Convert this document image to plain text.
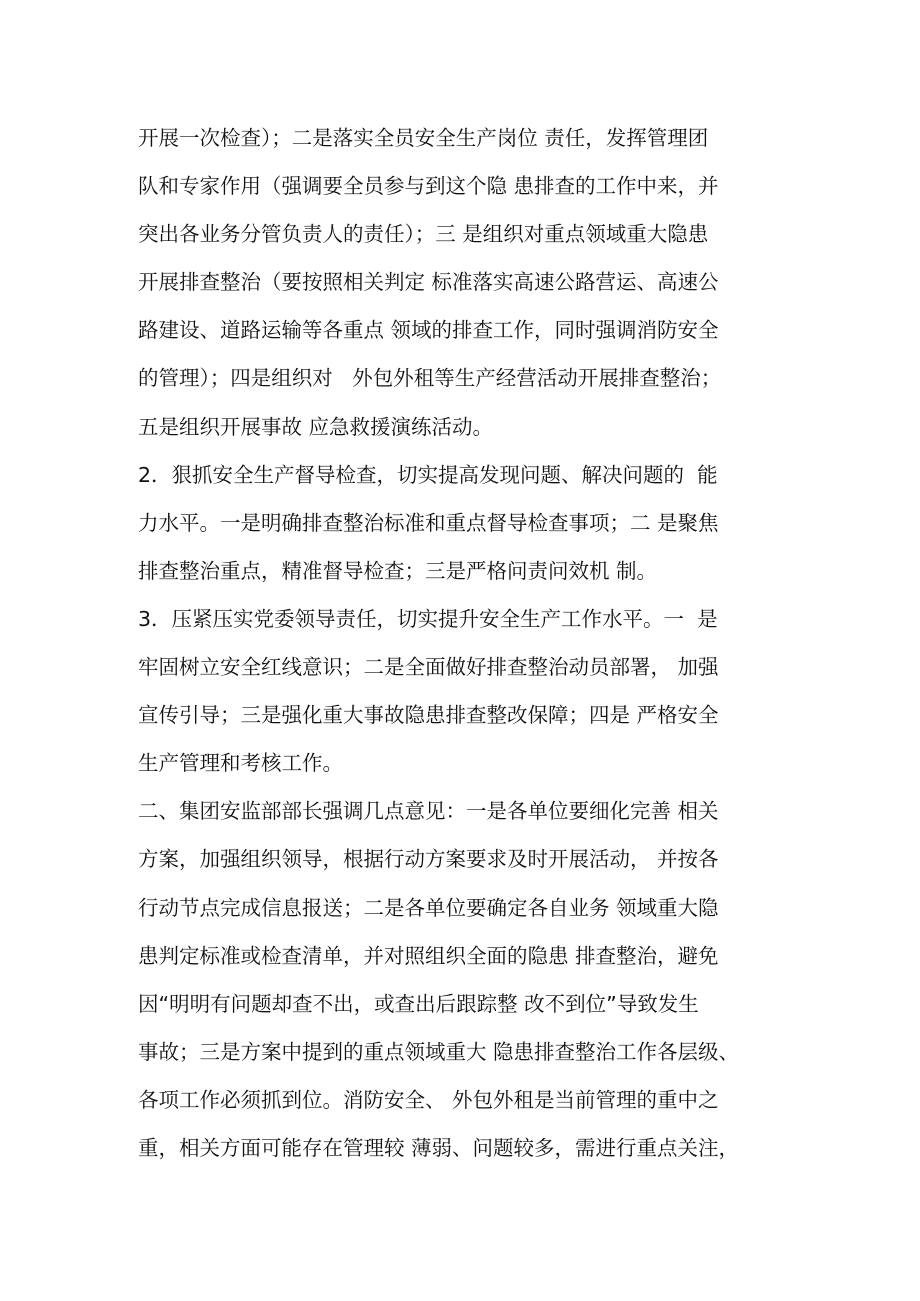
开展一次检查）；二是落实全员安全生产岗位 责任，发挥管理团
队和专家作用（强调要全员参与到这个隐 患排查的工作中来，并
突出各业务分管负责人的责任）；三 是组织对重点领域重大隐患
开展排查整治（要按照相关判定 标准落实高速公路营运、高速公
路建设、道路运输等各重点 领域的排查工作，同时强调消防安全
的管理）；四是组织对   外包外租等生产经营活动开展排查整治；
五是组织开展事故 应急救援演练活动。
2．狠抓安全生产督导检查，切实提高发现问题、解决问题的  能
力水平。一是明确排查整治标准和重点督导检查事项；二 是聚焦
排查整治重点，精准督导检查；三是严格问责问效机 制。
3．压紧压实党委领导责任，切实提升安全生产工作水平。一  是
牢固树立安全红线意识；二是全面做好排查整治动员部署， 加强
宣传引导；三是强化重大事故隐患排查整改保障；四是 严格安全
生产管理和考核工作。
二、集团安监部部长强调几点意见：一是各单位要细化完善 相关
方案，加强组织领导，根据行动方案要求及时开展活动， 并按各
行动节点完成信息报送；二是各单位要确定各自业务 领域重大隐
患判定标准或检查清单，并对照组织全面的隐患 排查整治，避免
因“明明有问题却查不出，或查出后跟踪整 改不到位”导致发生
事故；三是方案中提到的重点领域重大 隐患排查整治工作各层级、
各项工作必须抓到位。消防安全、 外包外租是当前管理的重中之
重，相关方面可能存在管理较 薄弱、问题较多，需进行重点关注，
